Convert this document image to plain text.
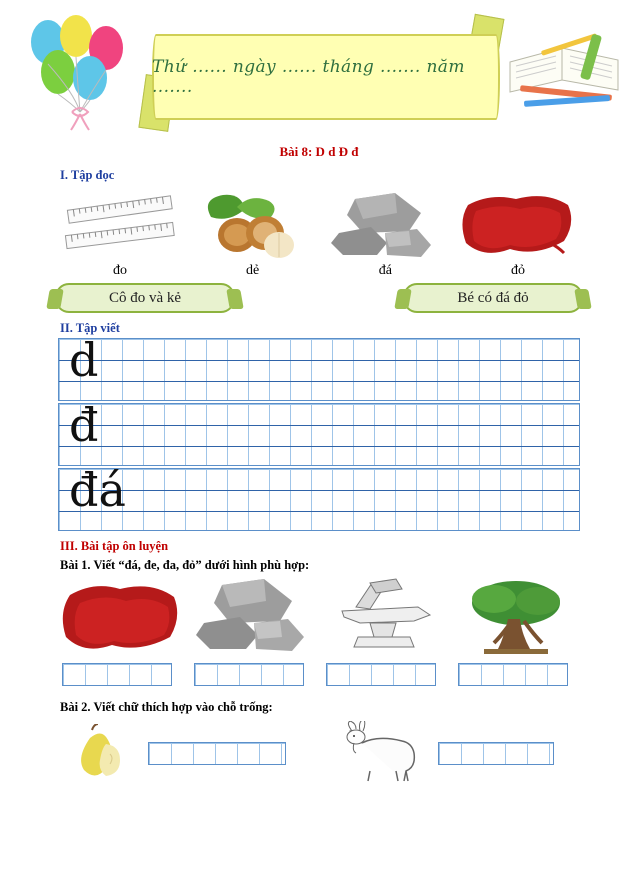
Thứ ...... ngày ...... tháng ....... năm .......
Bài 8: D d Đ đ
I. Tập đọc
đo	dẻ	đá	đỏ
Cô đo và kẻ	Bé có đá đỏ
II. Tập viết
d
đ
đá
III. Bài tập ôn luyện
Bài 1. Viết “đá, đe, đa, đỏ” dưới hình phù hợp:
Bài 2. Viết chữ thích hợp vào chỗ trống:
